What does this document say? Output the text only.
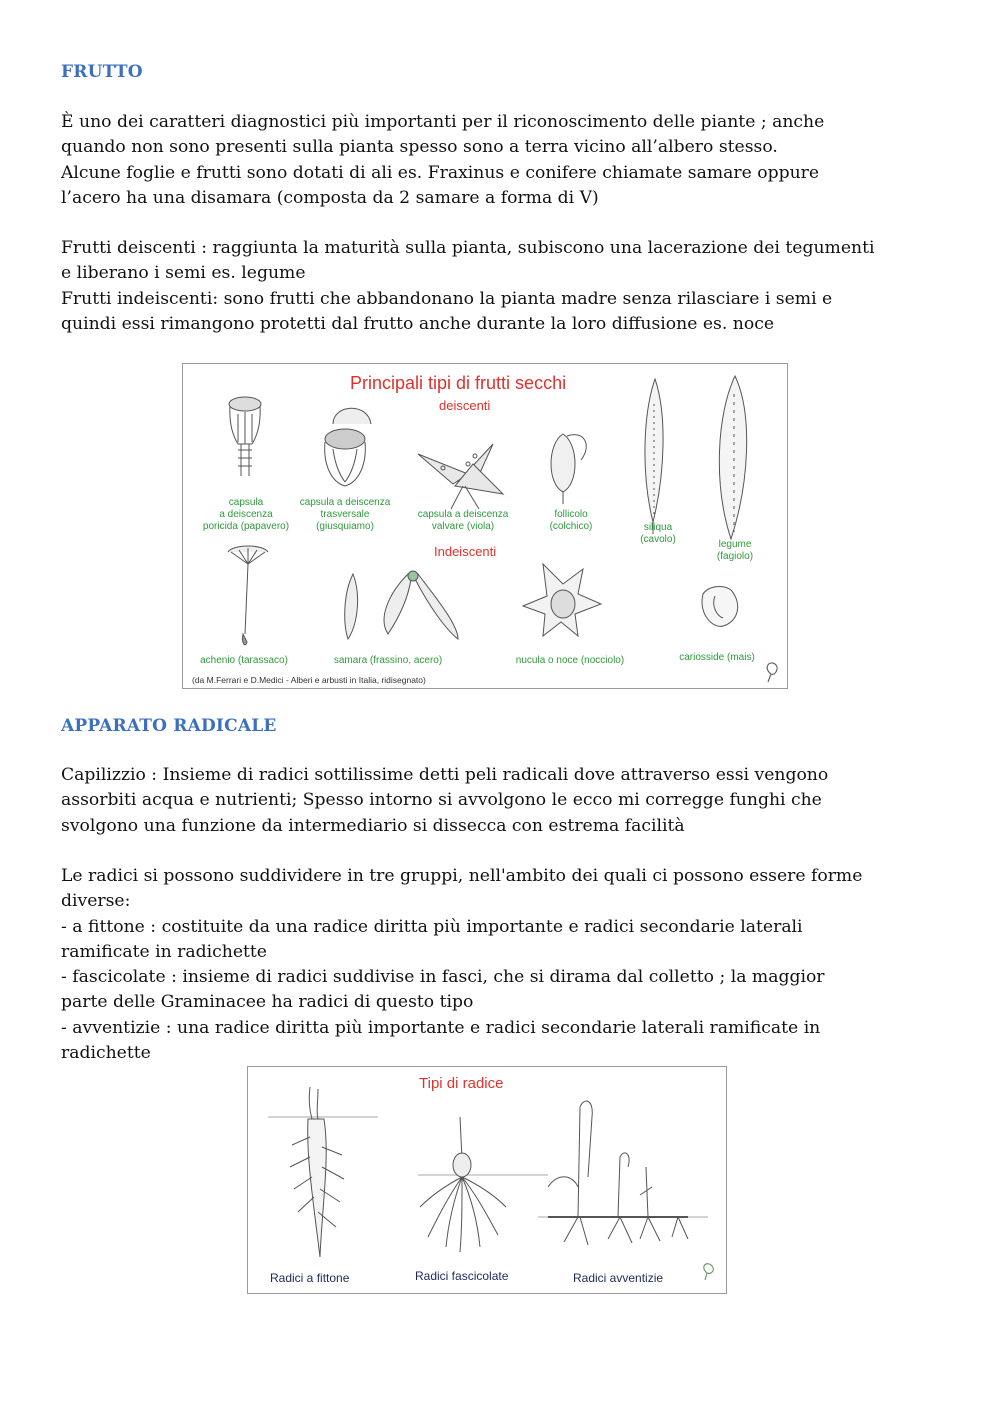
FRUTTO
È uno dei caratteri diagnostici più importanti per il riconoscimento delle piante ; anche
quando non sono presenti sulla pianta spesso sono a terra vicino all’albero stesso.
Alcune foglie e frutti sono dotati di ali es. Fraxinus e conifere chiamate samare oppure
l’acero ha una disamara (composta da 2 samare a forma di V)
Frutti deiscenti : raggiunta la maturità sulla pianta, subiscono una lacerazione dei tegumenti
e liberano i semi es. legume
Frutti indeiscenti: sono frutti che abbandonano la pianta madre senza rilasciare i semi e
quindi essi rimangono protetti dal frutto anche durante la loro diffusione es. noce
Principali tipi di frutti secchi
deiscenti
Indeiscenti
capsula
a deiscenza
poricida (papavero)
capsula a deiscenza
trasversale
(giusquiamo)
capsula a deiscenza
valvare (viola)
follicolo
(colchico)	siliqua
(cavolo)	legume
(fagiolo)
achenio (tarassaco)	samara (frassino, acero)	nucula o noce (nocciolo)	cariosside (mais)
(da M.Ferrari e D.Medici - Alberi e arbusti in Italia, ridisegnato)
APPARATO RADICALE
Capilizzio : Insieme di radici sottilissime detti peli radicali dove attraverso essi vengono
assorbiti acqua e nutrienti; Spesso intorno si avvolgono le ecco mi corregge funghi che
svolgono una funzione da intermediario si dissecca con estrema facilità
Le radici si possono suddividere in tre gruppi, nell'ambito dei quali ci possono essere forme
diverse:
- a fittone : costituite da una radice diritta più importante e radici secondarie laterali
ramificate in radichette
- fascicolate : insieme di radici suddivise in fasci, che si dirama dal colletto ; la maggior
parte delle Graminacee ha radici di questo tipo
- avventizie : una radice diritta più importante e radici secondarie laterali ramificate in
radichette
Tipi di radice
Radici a fittone	Radici fascicolate	Radici avventizie
